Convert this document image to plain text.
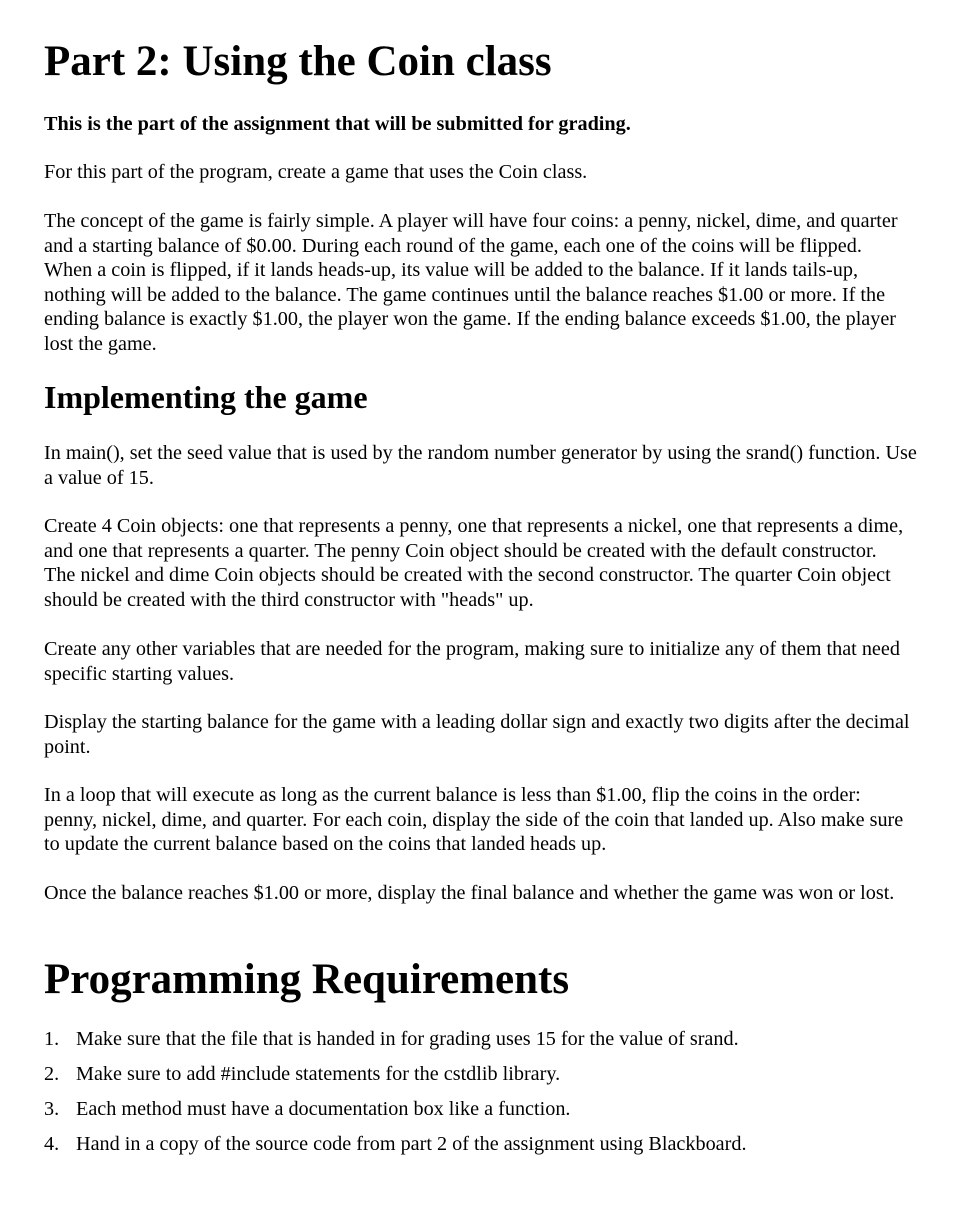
Part 2: Using the Coin class

This is the part of the assignment that will be submitted for grading.

For this part of the program, create a game that uses the Coin class.

The concept of the game is fairly simple. A player will have four coins: a penny, nickel, dime, and quarter and a starting balance of $0.00. During each round of the game, each one of the coins will be flipped. When a coin is flipped, if it lands heads-up, its value will be added to the balance. If it lands tails-up, nothing will be added to the balance. The game continues until the balance reaches $1.00 or more. If the ending balance is exactly $1.00, the player won the game. If the ending balance exceeds $1.00, the player lost the game.

Implementing the game

In main(), set the seed value that is used by the random number generator by using the srand() function. Use a value of 15.

Create 4 Coin objects: one that represents a penny, one that represents a nickel, one that represents a dime, and one that represents a quarter. The penny Coin object should be created with the default constructor. The nickel and dime Coin objects should be created with the second constructor. The quarter Coin object should be created with the third constructor with "heads" up.

Create any other variables that are needed for the program, making sure to initialize any of them that need specific starting values.

Display the starting balance for the game with a leading dollar sign and exactly two digits after the decimal point.

In a loop that will execute as long as the current balance is less than $1.00, flip the coins in the order: penny, nickel, dime, and quarter. For each coin, display the side of the coin that landed up. Also make sure to update the current balance based on the coins that landed heads up.

Once the balance reaches $1.00 or more, display the final balance and whether the game was won or lost.

Programming Requirements
1. Make sure that the file that is handed in for grading uses 15 for the value of srand.
2. Make sure to add #include statements for the cstdlib library.
3. Each method must have a documentation box like a function.
4. Hand in a copy of the source code from part 2 of the assignment using Blackboard.
